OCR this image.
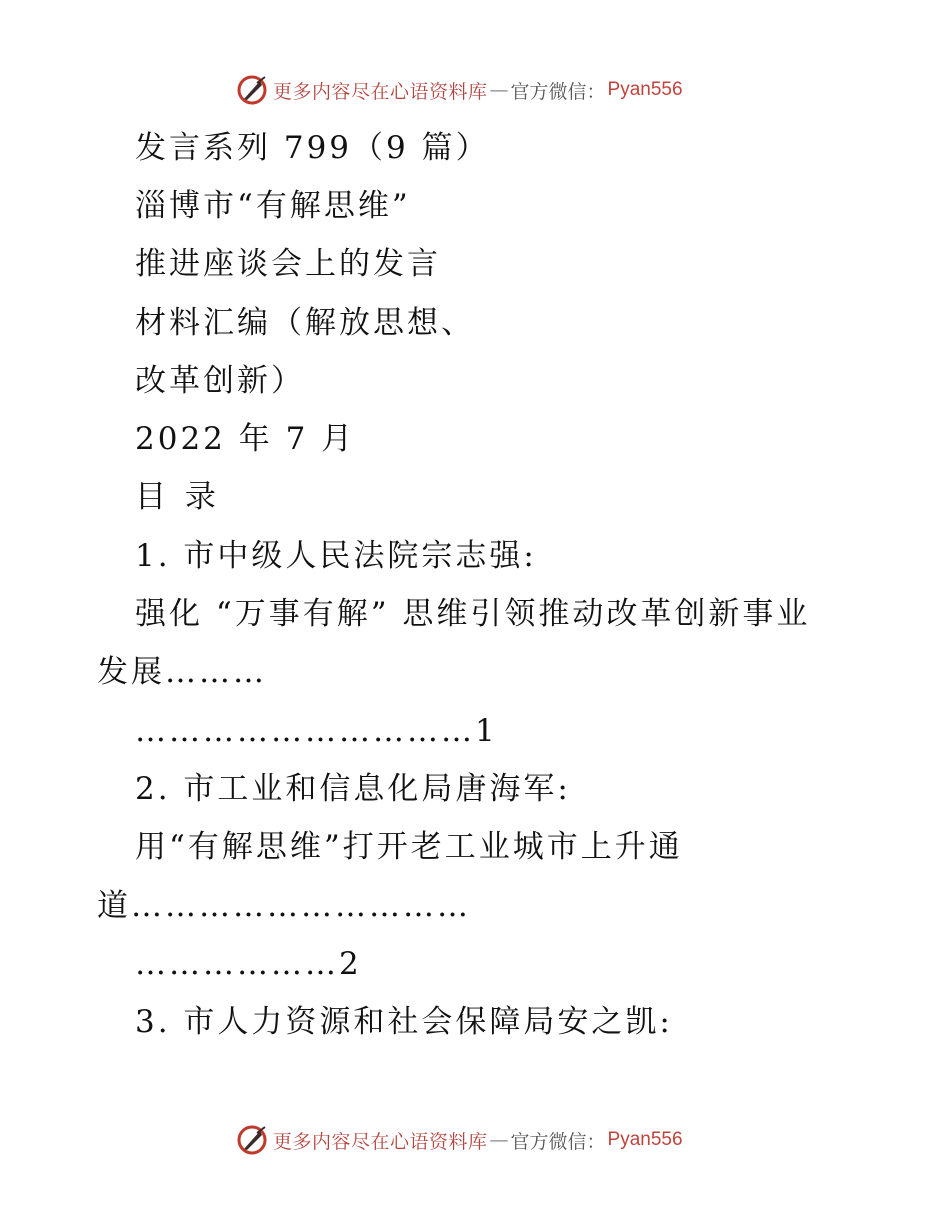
更多内容尽在心语资料库 — 官方微信： Pyan556
发言系列 799（9 篇）
淄博市“有解思维”
推进座谈会上的发言
材料汇编（解放思想、
改革创新）
2022 年 7 月
目 录
1. 市中级人民法院宗志强:
强化 “万事有解” 思维引领推动改革创新事业
发展………
…………………………1
2. 市工业和信息化局唐海军:
用“有解思维”打开老工业城市上升通
道…………………………
………………2
3. 市人力资源和社会保障局安之凯:
更多内容尽在心语资料库 — 官方微信： Pyan556
